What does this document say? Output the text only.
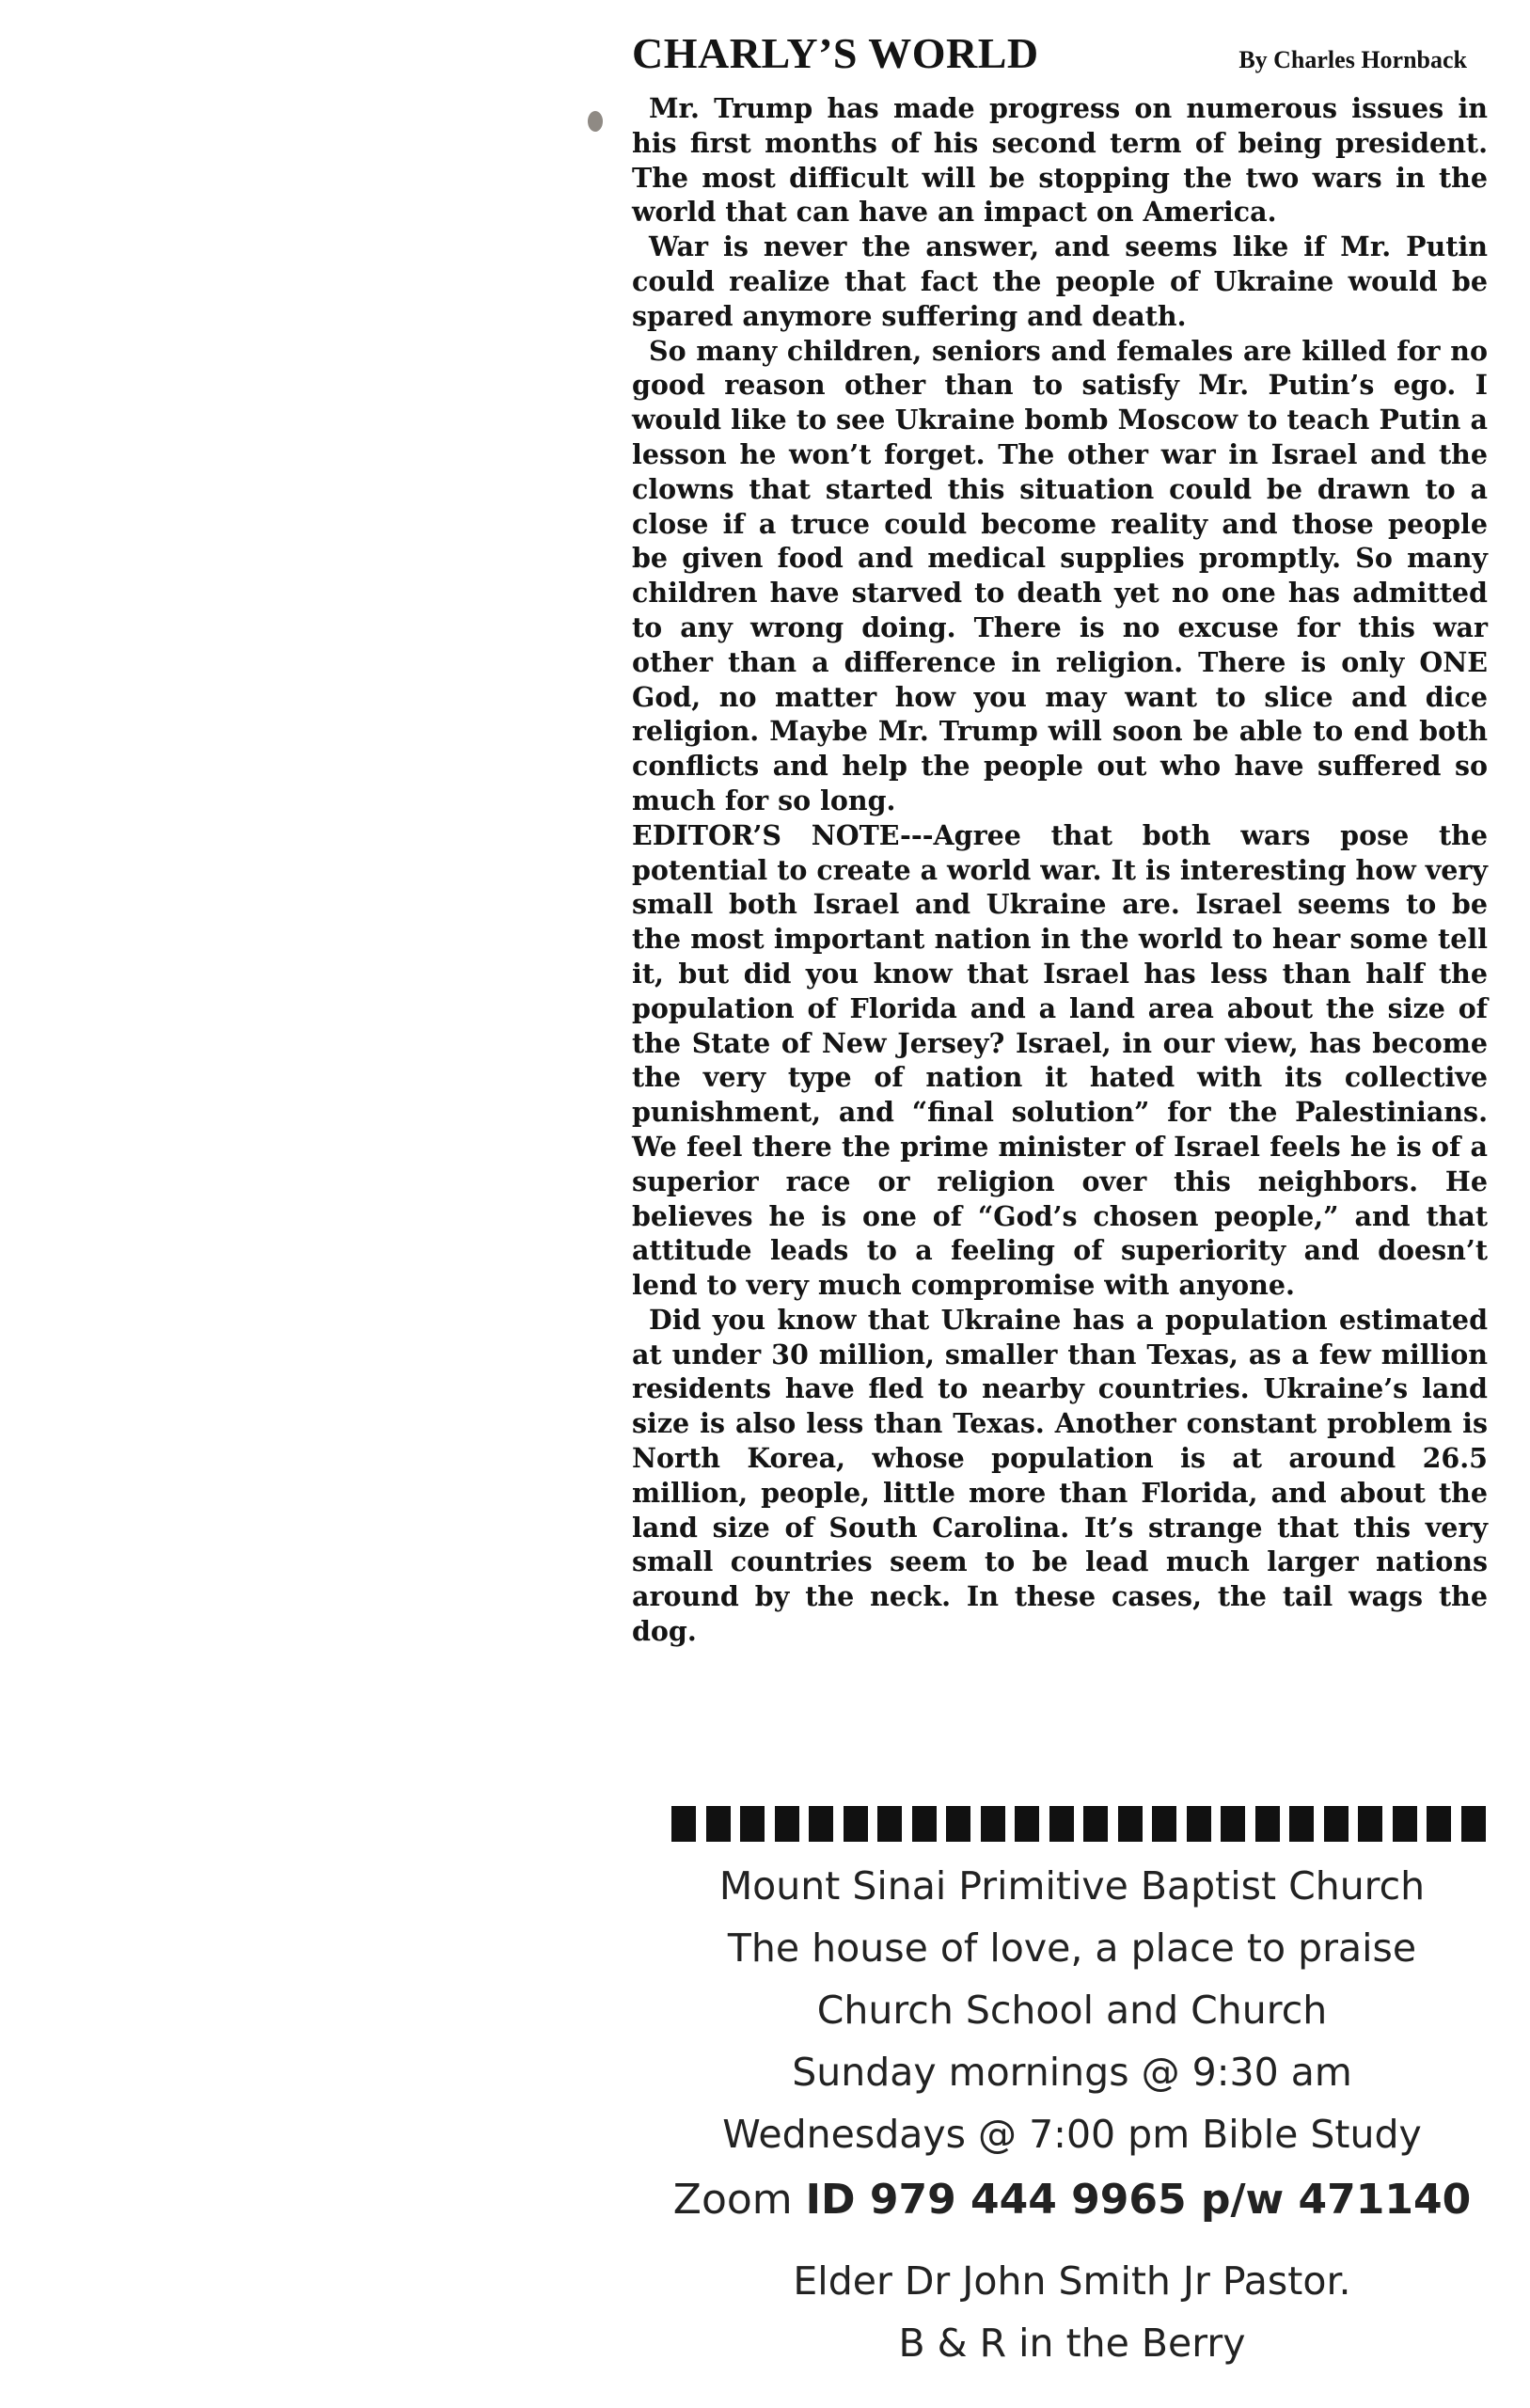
CHARLY’S WORLD	By Charles Hornback

Mr. Trump has made progress on numerous issues in his first months of his second term of being president. The most difficult will be stopping the two wars in the world that can have an impact on America.

War is never the answer, and seems like if Mr. Putin could realize that fact the people of Ukraine would be spared anymore suffering and death.

So many children, seniors and females are killed for no good reason other than to satisfy Mr. Putin’s ego. I would like to see Ukraine bomb Moscow to teach Putin a lesson he won’t forget. The other war in Israel and the clowns that started this situation could be drawn to a close if a truce could become reality and those people be given food and medical supplies promptly. So many children have starved to death yet no one has admitted to any wrong doing. There is no excuse for this war other than a difference in religion. There is only ONE God, no matter how you may want to slice and dice religion. Maybe Mr. Trump will soon be able to end both conflicts and help the people out who have suffered so much for so long.

EDITOR’S NOTE---Agree that both wars pose the potential to create a world war. It is interesting how very small both Israel and Ukraine are. Israel seems to be the most important nation in the world to hear some tell it, but did you know that Israel has less than half the population of Florida and a land area about the size of the State of New Jersey? Israel, in our view, has become the very type of nation it hated with its collective punishment, and “final solution” for the Palestinians. We feel there the prime minister of Israel feels he is of a superior race or religion over this neighbors. He believes he is one of “God’s chosen people,” and that attitude leads to a feeling of superiority and doesn’t lend to very much compromise with anyone.

Did you know that Ukraine has a population estimated at under 30 million, smaller than Texas, as a few million residents have fled to nearby countries. Ukraine’s land size is also less than Texas. Another constant problem is North Korea, whose population is at around 26.5 million, people, little more than Florida, and about the land size of South Carolina. It’s strange that this very small countries seem to be lead much larger nations around by the neck. In these cases, the tail wags the dog.

Mount Sinai Primitive Baptist Church
The house of love, a place to praise
Church School and Church
Sunday mornings @ 9:30 am
Wednesdays @ 7:00 pm Bible Study
Zoom ID 979 444 9965 p/w 471140
Elder Dr John Smith Jr Pastor.
B & R in the Berry
